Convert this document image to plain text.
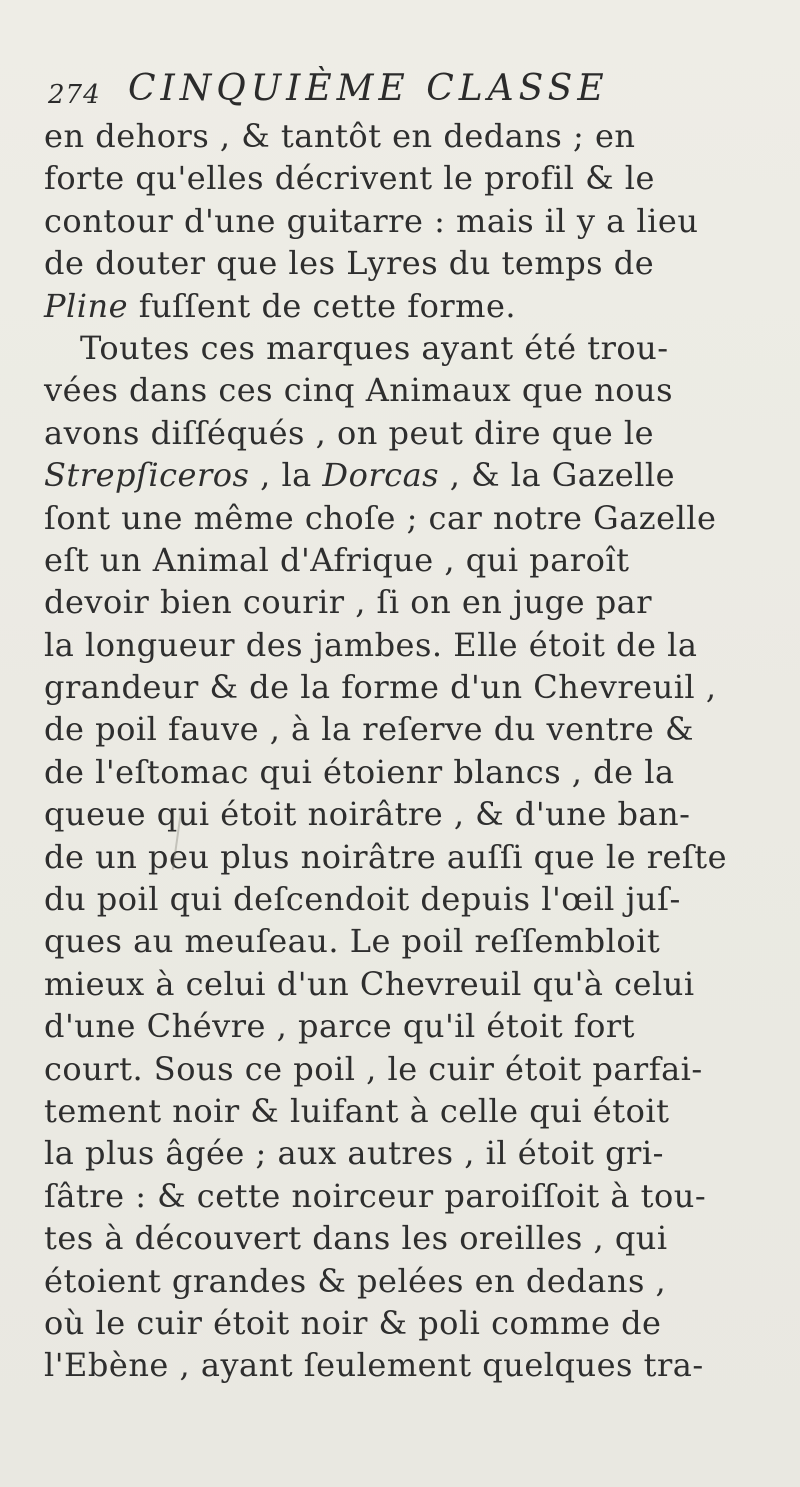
274 CINQUIÈME CLASSE
en dehors , & tantôt en dedans ; en
forte qu'elles décrivent le profil & le
contour d'une guitarre : mais il y a lieu
de douter que les Lyres du temps de
Pline fuſſent de cette forme.
Toutes ces marques ayant été trou-
vées dans ces cinq Animaux que nous
avons diſſéqués , on peut dire que le
Strepſiceros , la Dorcas , & la Gazelle
ſont une même choſe ; car notre Gazelle
eſt un Animal d'Afrique , qui paroît
devoir bien courir , ſi on en juge par
la longueur des jambes. Elle étoit de la
grandeur & de la forme d'un Chevreuil ,
de poil fauve , à la reſerve du ventre &
de l'eſtomac qui étoienr blancs , de la
queue qui étoit noirâtre , & d'une ban-
de un peu plus noirâtre auſſi que le reſte
du poil qui deſcendoit depuis l'œil juſ-
ques au meuſeau. Le poil reſſembloit
mieux à celui d'un Chevreuil qu'à celui
d'une Chévre , parce qu'il étoit fort
court. Sous ce poil , le cuir étoit parfai-
tement noir & luifant à celle qui étoit
la plus âgée ; aux autres , il étoit gri-
ſâtre : & cette noirceur paroiſſoit à tou-
tes à découvert dans les oreilles , qui
étoient grandes & pelées en dedans ,
où le cuir étoit noir & poli comme de
l'Ebène , ayant ſeulement quelques tra-
